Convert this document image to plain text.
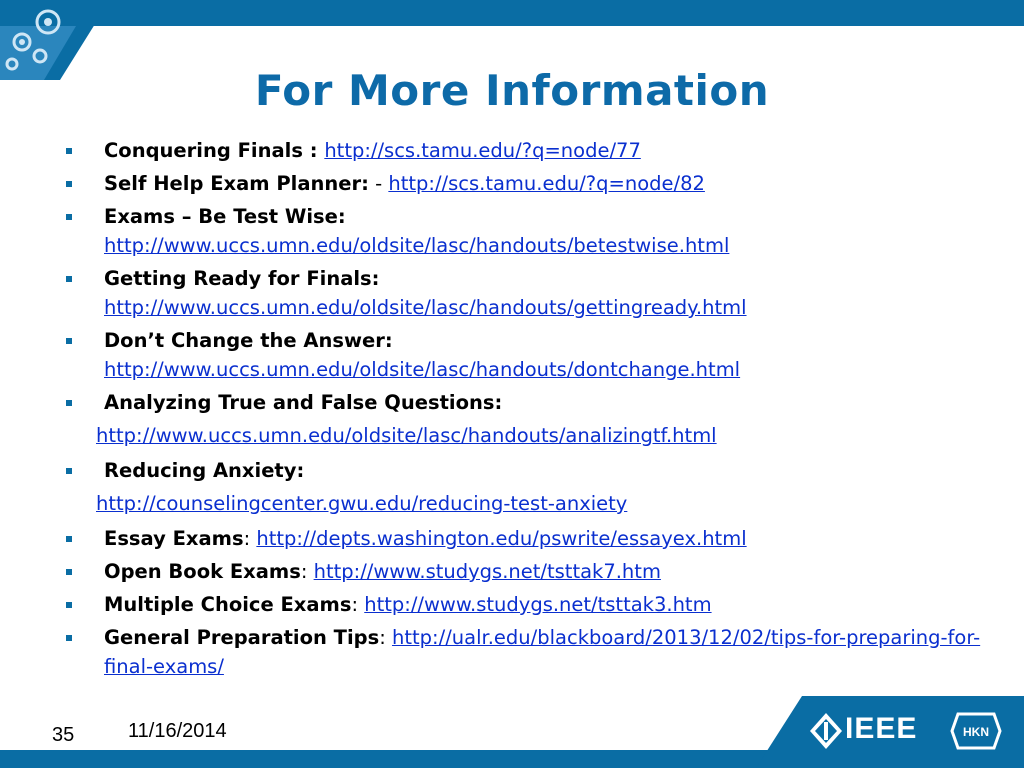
For More Information
Conquering Finals : http://scs.tamu.edu/?q=node/77
Self Help Exam Planner: - http://scs.tamu.edu/?q=node/82
Exams – Be Test Wise:
http://www.uccs.umn.edu/oldsite/lasc/handouts/betestwise.html
Getting Ready for Finals:
http://www.uccs.umn.edu/oldsite/lasc/handouts/gettingready.html
Don’t Change the Answer:
http://www.uccs.umn.edu/oldsite/lasc/handouts/dontchange.html
Analyzing True and False Questions:
http://www.uccs.umn.edu/oldsite/lasc/handouts/analizingtf.html
Reducing Anxiety:
http://counselingcenter.gwu.edu/reducing-test-anxiety
Essay Exams: http://depts.washington.edu/pswrite/essayex.html
Open Book Exams: http://www.studygs.net/tsttak7.htm
Multiple Choice Exams: http://www.studygs.net/tsttak3.htm
General Preparation Tips: http://ualr.edu/blackboard/2013/12/02/tips-for-preparing-for-final-exams/
IEEE	HKN
35	11/16/2014
